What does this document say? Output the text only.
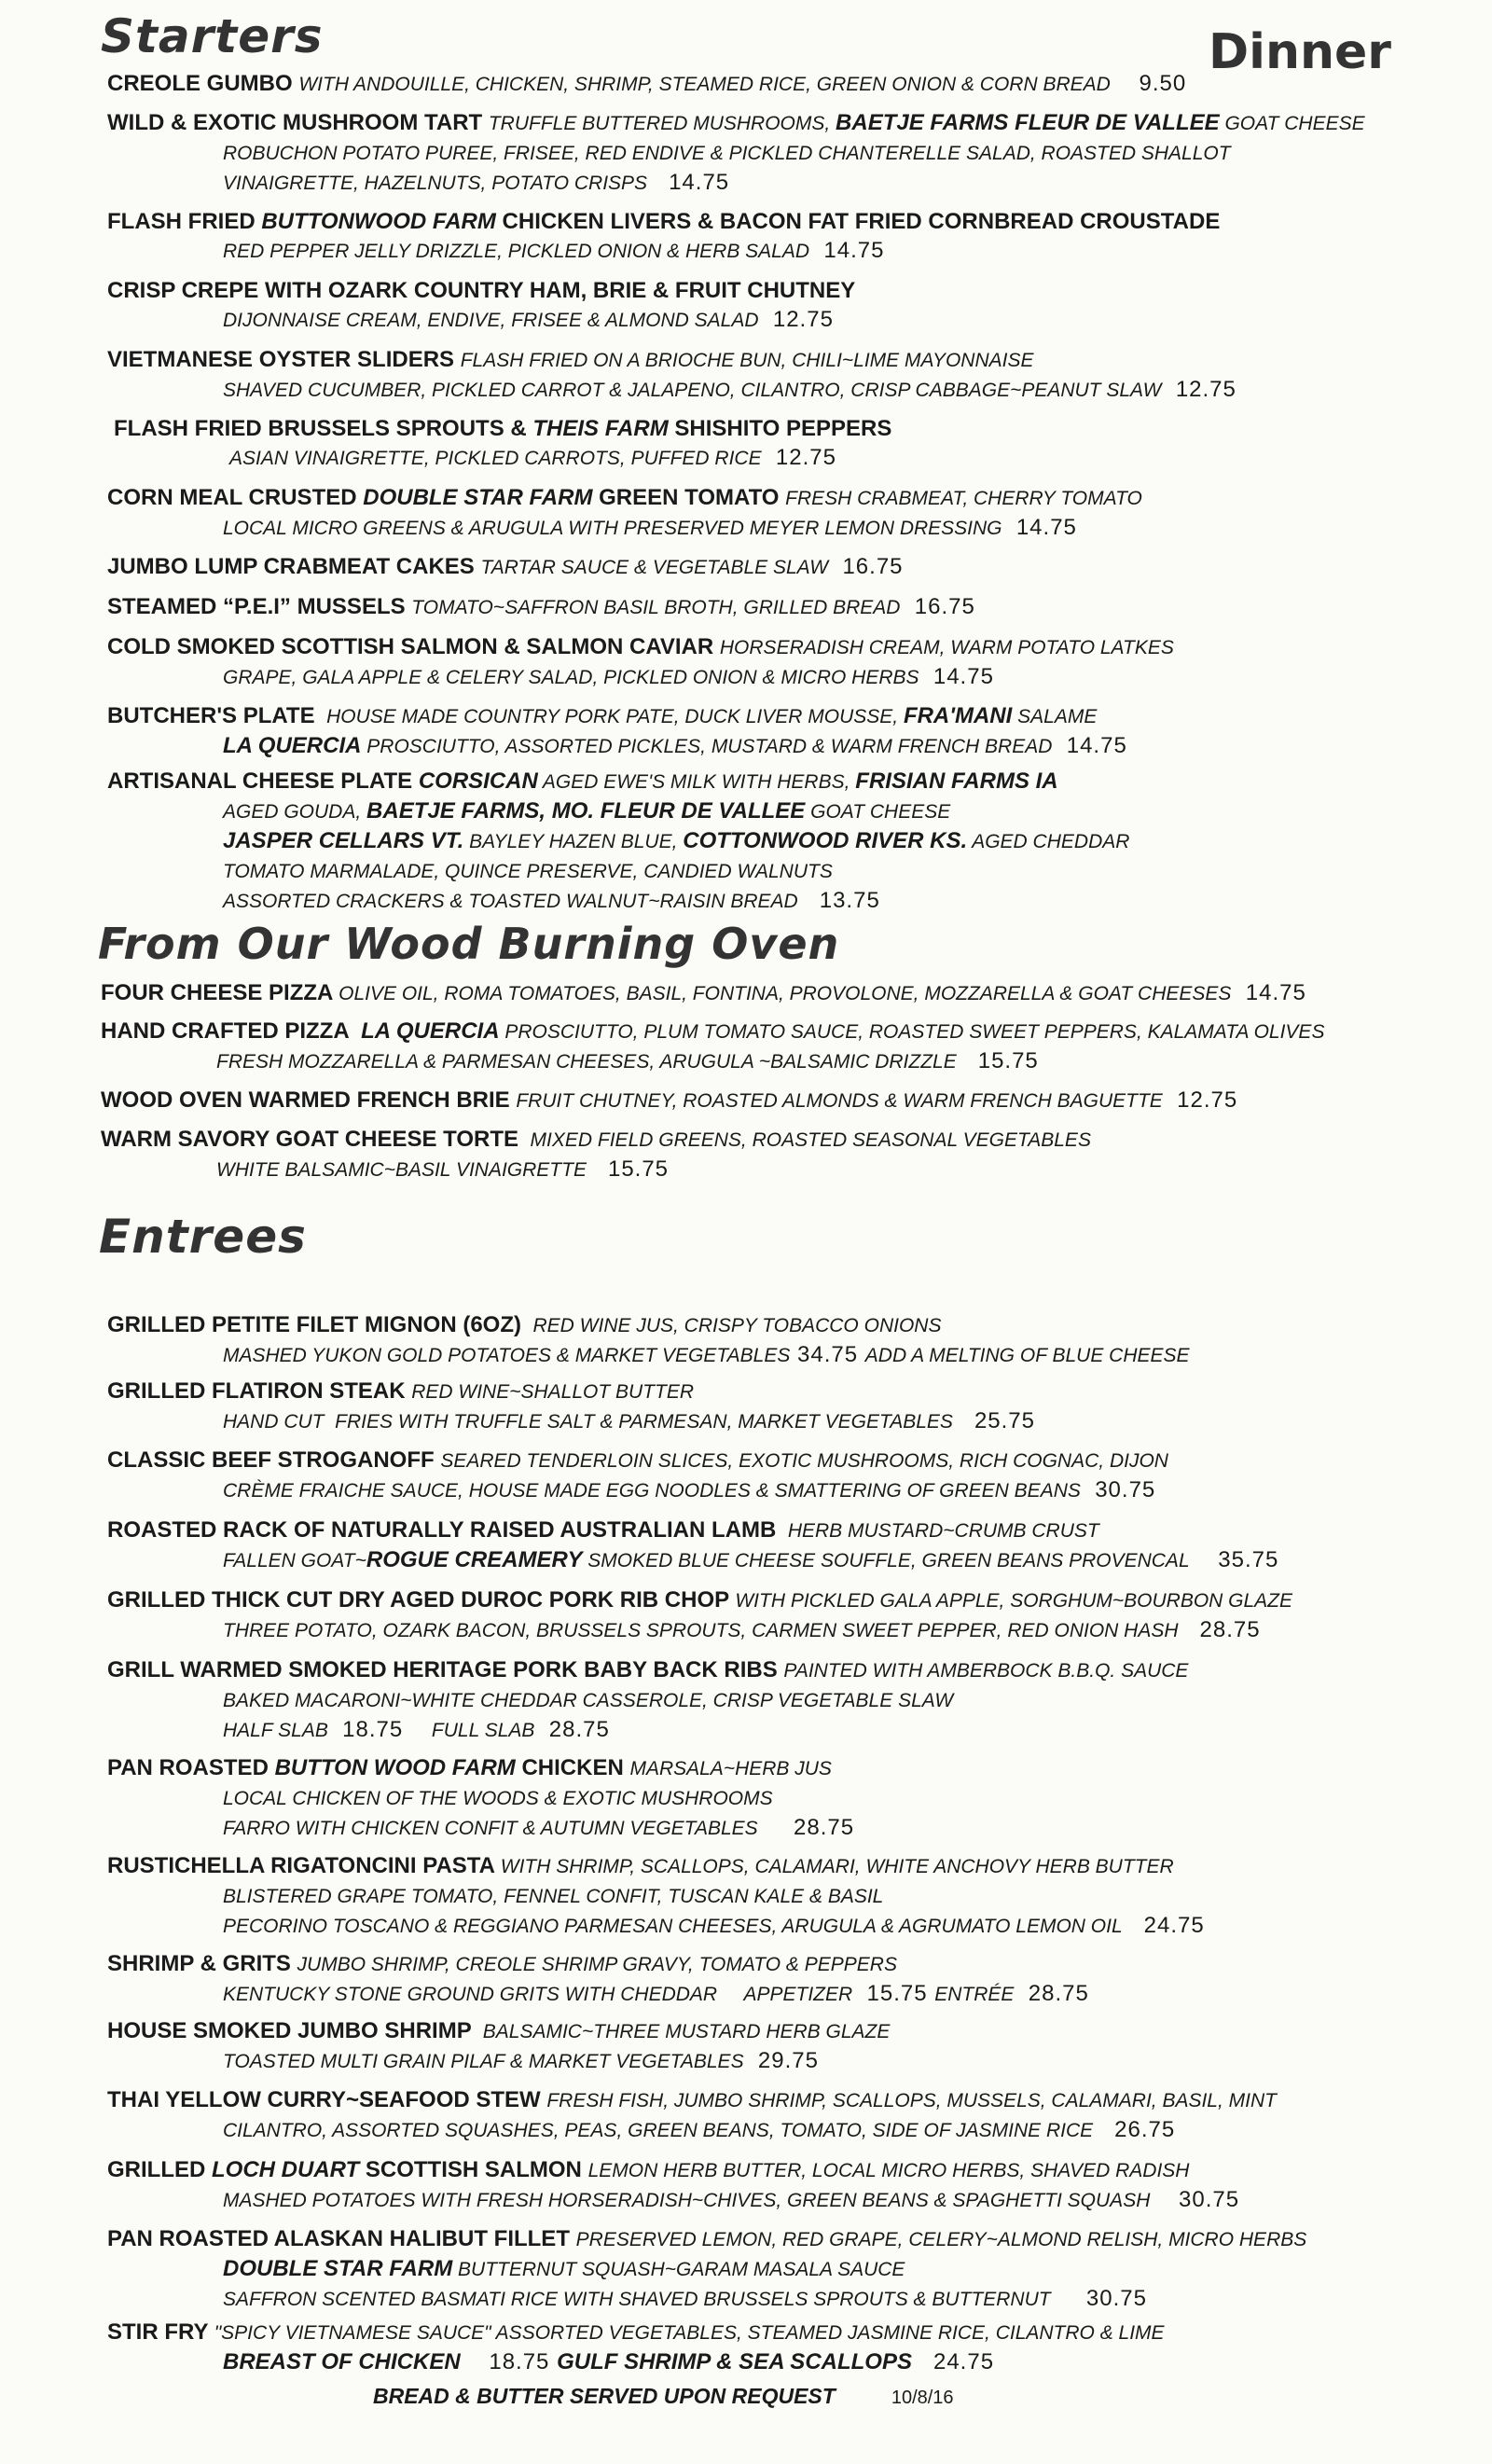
Starters	Dinner
CREOLE GUMBO WITH ANDOUILLE, CHICKEN, SHRIMP, STEAMED RICE, GREEN ONION & CORN BREAD    9.50
WILD & EXOTIC MUSHROOM TART TRUFFLE BUTTERED MUSHROOMS, BAETJE FARMS FLEUR DE VALLEE GOAT CHEESE
ROBUCHON POTATO PUREE, FRISEE, RED ENDIVE & PICKLED CHANTERELLE SALAD, ROASTED SHALLOT
VINAIGRETTE, HAZELNUTS, POTATO CRISPS   14.75
FLASH FRIED BUTTONWOOD FARM CHICKEN LIVERS & BACON FAT FRIED CORNBREAD CROUSTADE
RED PEPPER JELLY DRIZZLE, PICKLED ONION & HERB SALAD  14.75
CRISP CREPE WITH OZARK COUNTRY HAM, BRIE & FRUIT CHUTNEY
DIJONNAISE CREAM, ENDIVE, FRISEE & ALMOND SALAD  12.75
VIETMANESE OYSTER SLIDERS FLASH FRIED ON A BRIOCHE BUN, CHILI~LIME MAYONNAISE
SHAVED CUCUMBER, PICKLED CARROT & JALAPENO, CILANTRO, CRISP CABBAGE~PEANUT SLAW  12.75
FLASH FRIED BRUSSELS SPROUTS & THEIS FARM SHISHITO PEPPERS
ASIAN VINAIGRETTE, PICKLED CARROTS, PUFFED RICE  12.75
CORN MEAL CRUSTED DOUBLE STAR FARM GREEN TOMATO FRESH CRABMEAT, CHERRY TOMATO
LOCAL MICRO GREENS & ARUGULA WITH PRESERVED MEYER LEMON DRESSING  14.75
JUMBO LUMP CRABMEAT CAKES TARTAR SAUCE & VEGETABLE SLAW  16.75
STEAMED “P.E.I” MUSSELS TOMATO~SAFFRON BASIL BROTH, GRILLED BREAD  16.75
COLD SMOKED SCOTTISH SALMON & SALMON CAVIAR HORSERADISH CREAM, WARM POTATO LATKES
GRAPE, GALA APPLE & CELERY SALAD, PICKLED ONION & MICRO HERBS  14.75
BUTCHER'S PLATE  HOUSE MADE COUNTRY PORK PATE, DUCK LIVER MOUSSE, FRA'MANI SALAME
LA QUERCIA PROSCIUTTO, ASSORTED PICKLES, MUSTARD & WARM FRENCH BREAD  14.75
ARTISANAL CHEESE PLATE CORSICAN AGED EWE'S MILK WITH HERBS, FRISIAN FARMS IA
AGED GOUDA, BAETJE FARMS, MO. FLEUR DE VALLEE GOAT CHEESE
JASPER CELLARS VT. BAYLEY HAZEN BLUE, COTTONWOOD RIVER KS. AGED CHEDDAR
TOMATO MARMALADE, QUINCE PRESERVE, CANDIED WALNUTS
ASSORTED CRACKERS & TOASTED WALNUT~RAISIN BREAD   13.75
From Our Wood Burning Oven
FOUR CHEESE PIZZA OLIVE OIL, ROMA TOMATOES, BASIL, FONTINA, PROVOLONE, MOZZARELLA & GOAT CHEESES  14.75
HAND CRAFTED PIZZA  LA QUERCIA PROSCIUTTO, PLUM TOMATO SAUCE, ROASTED SWEET PEPPERS, KALAMATA OLIVES
FRESH MOZZARELLA & PARMESAN CHEESES, ARUGULA ~BALSAMIC DRIZZLE   15.75
WOOD OVEN WARMED FRENCH BRIE FRUIT CHUTNEY, ROASTED ALMONDS & WARM FRENCH BAGUETTE  12.75
WARM SAVORY GOAT CHEESE TORTE  MIXED FIELD GREENS, ROASTED SEASONAL VEGETABLES
WHITE BALSAMIC~BASIL VINAIGRETTE   15.75
Entrees
GRILLED PETITE FILET MIGNON (6OZ)  RED WINE JUS, CRISPY TOBACCO ONIONS
MASHED YUKON GOLD POTATOES & MARKET VEGETABLES 34.75 ADD A MELTING OF BLUE CHEESE
GRILLED FLATIRON STEAK RED WINE~SHALLOT BUTTER
HAND CUT  FRIES WITH TRUFFLE SALT & PARMESAN, MARKET VEGETABLES   25.75
CLASSIC BEEF STROGANOFF SEARED TENDERLOIN SLICES, EXOTIC MUSHROOMS, RICH COGNAC, DIJON
CRÈME FRAICHE SAUCE, HOUSE MADE EGG NOODLES & SMATTERING OF GREEN BEANS  30.75
ROASTED RACK OF NATURALLY RAISED AUSTRALIAN LAMB  HERB MUSTARD~CRUMB CRUST
FALLEN GOAT~ROGUE CREAMERY SMOKED BLUE CHEESE SOUFFLE, GREEN BEANS PROVENCAL    35.75
GRILLED THICK CUT DRY AGED DUROC PORK RIB CHOP WITH PICKLED GALA APPLE, SORGHUM~BOURBON GLAZE
THREE POTATO, OZARK BACON, BRUSSELS SPROUTS, CARMEN SWEET PEPPER, RED ONION HASH   28.75
GRILL WARMED SMOKED HERITAGE PORK BABY BACK RIBS PAINTED WITH AMBERBOCK B.B.Q. SAUCE
BAKED MACARONI~WHITE CHEDDAR CASSEROLE, CRISP VEGETABLE SLAW
HALF SLAB  18.75    FULL SLAB  28.75
PAN ROASTED BUTTON WOOD FARM CHICKEN MARSALA~HERB JUS
LOCAL CHICKEN OF THE WOODS & EXOTIC MUSHROOMS
FARRO WITH CHICKEN CONFIT & AUTUMN VEGETABLES     28.75
RUSTICHELLA RIGATONCINI PASTA WITH SHRIMP, SCALLOPS, CALAMARI, WHITE ANCHOVY HERB BUTTER
BLISTERED GRAPE TOMATO, FENNEL CONFIT, TUSCAN KALE & BASIL
PECORINO TOSCANO & REGGIANO PARMESAN CHEESES, ARUGULA & AGRUMATO LEMON OIL   24.75
SHRIMP & GRITS JUMBO SHRIMP, CREOLE SHRIMP GRAVY, TOMATO & PEPPERS
KENTUCKY STONE GROUND GRITS WITH CHEDDAR     APPETIZER  15.75 ENTRÉE  28.75
HOUSE SMOKED JUMBO SHRIMP  BALSAMIC~THREE MUSTARD HERB GLAZE
TOASTED MULTI GRAIN PILAF & MARKET VEGETABLES  29.75
THAI YELLOW CURRY~SEAFOOD STEW FRESH FISH, JUMBO SHRIMP, SCALLOPS, MUSSELS, CALAMARI, BASIL, MINT
CILANTRO, ASSORTED SQUASHES, PEAS, GREEN BEANS, TOMATO, SIDE OF JASMINE RICE   26.75
GRILLED LOCH DUART SCOTTISH SALMON LEMON HERB BUTTER, LOCAL MICRO HERBS, SHAVED RADISH
MASHED POTATOES WITH FRESH HORSERADISH~CHIVES, GREEN BEANS & SPAGHETTI SQUASH    30.75
PAN ROASTED ALASKAN HALIBUT FILLET PRESERVED LEMON, RED GRAPE, CELERY~ALMOND RELISH, MICRO HERBS
DOUBLE STAR FARM BUTTERNUT SQUASH~GARAM MASALA SAUCE
SAFFRON SCENTED BASMATI RICE WITH SHAVED BRUSSELS SPROUTS & BUTTERNUT     30.75
STIR FRY "SPICY VIETNAMESE SAUCE" ASSORTED VEGETABLES, STEAMED JASMINE RICE, CILANTRO & LIME
BREAST OF CHICKEN    18.75 GULF SHRIMP & SEA SCALLOPS   24.75
BREAD & BUTTER SERVED UPON REQUEST	10/8/16
